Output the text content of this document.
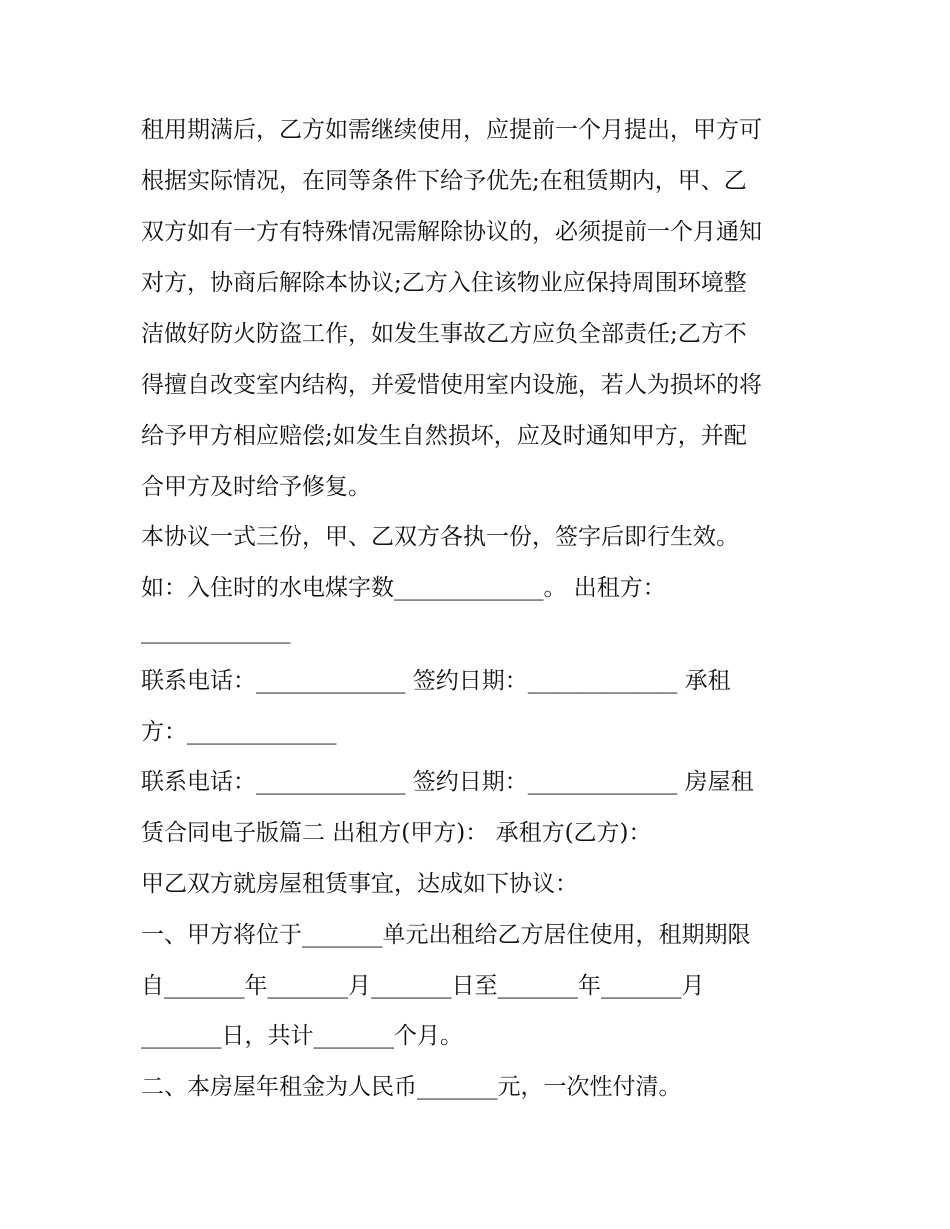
租用期满后，乙方如需继续使用，应提前一个月提出，甲方可
根据实际情况，在同等条件下给予优先;在租赁期内，甲、乙
双方如有一方有特殊情况需解除协议的，必须提前一个月通知
对方，协商后解除本协议;乙方入住该物业应保持周围环境整
洁做好防火防盗工作，如发生事故乙方应负全部责任;乙方不
得擅自改变室内结构，并爱惜使用室内设施，若人为损坏的将
给予甲方相应赔偿;如发生自然损坏，应及时通知甲方，并配
合甲方及时给予修复。
本协议一式三份，甲、乙双方各执一份，签字后即行生效。
如：入住时的水电煤字数_____________。 出租方：
_____________
联系电话：_____________ 签约日期：_____________ 承租
方：_____________
联系电话：_____________ 签约日期：_____________ 房屋租
赁合同电子版篇二 出租方(甲方)： 承租方(乙方)：
甲乙双方就房屋租赁事宜，达成如下协议：
一、甲方将位于_______单元出租给乙方居住使用，租期期限
自_______年_______月_______日至_______年_______月
_______日，共计_______个月。
二、本房屋年租金为人民币_______元，一次性付清。
